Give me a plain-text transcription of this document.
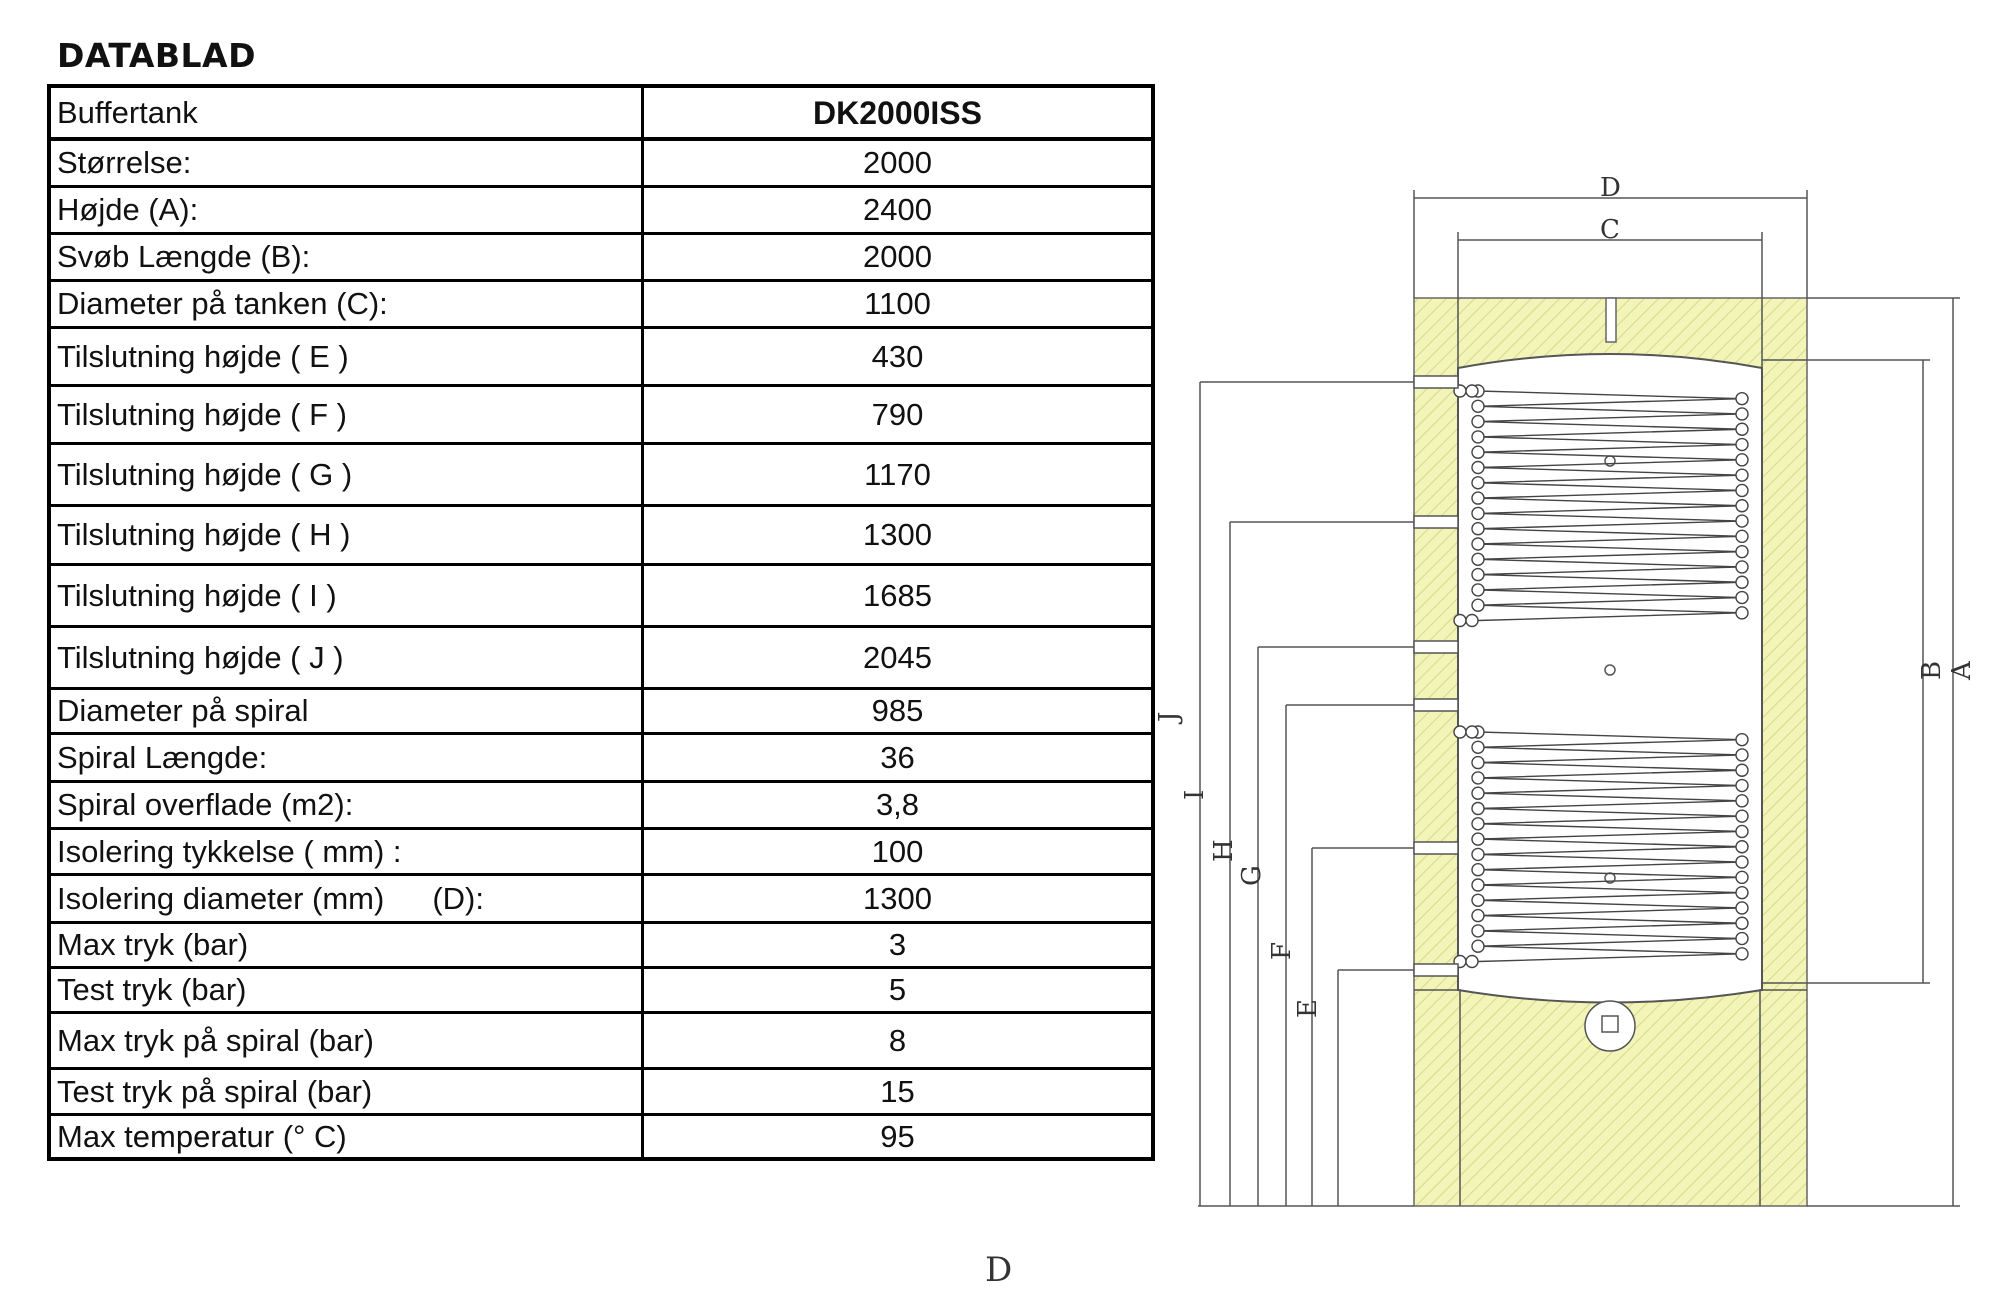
DATABLAD
Buffertank	DK2000ISS
Størrelse:	2000
Højde (A):	2400
Svøb Længde (B):	2000
Diameter på tanken (C):	1100
Tilslutning højde ( E )	430
Tilslutning højde ( F )	790
Tilslutning højde ( G )	1170
Tilslutning højde ( H )	1300
Tilslutning højde ( I )	1685
Tilslutning højde ( J )	2045
Diameter på spiral	985
Spiral Længde:	36
Spiral overflade (m2):	3,8
Isolering tykkelse ( mm) :	100
Isolering diameter (mm) (D):	1300
Max tryk (bar)	3
Test tryk (bar)	5
Max tryk på spiral (bar)	8
Test tryk på spiral (bar)	15
Max temperatur (° C)	95
D
C
A
B
J
I
H
G
F
E
D
